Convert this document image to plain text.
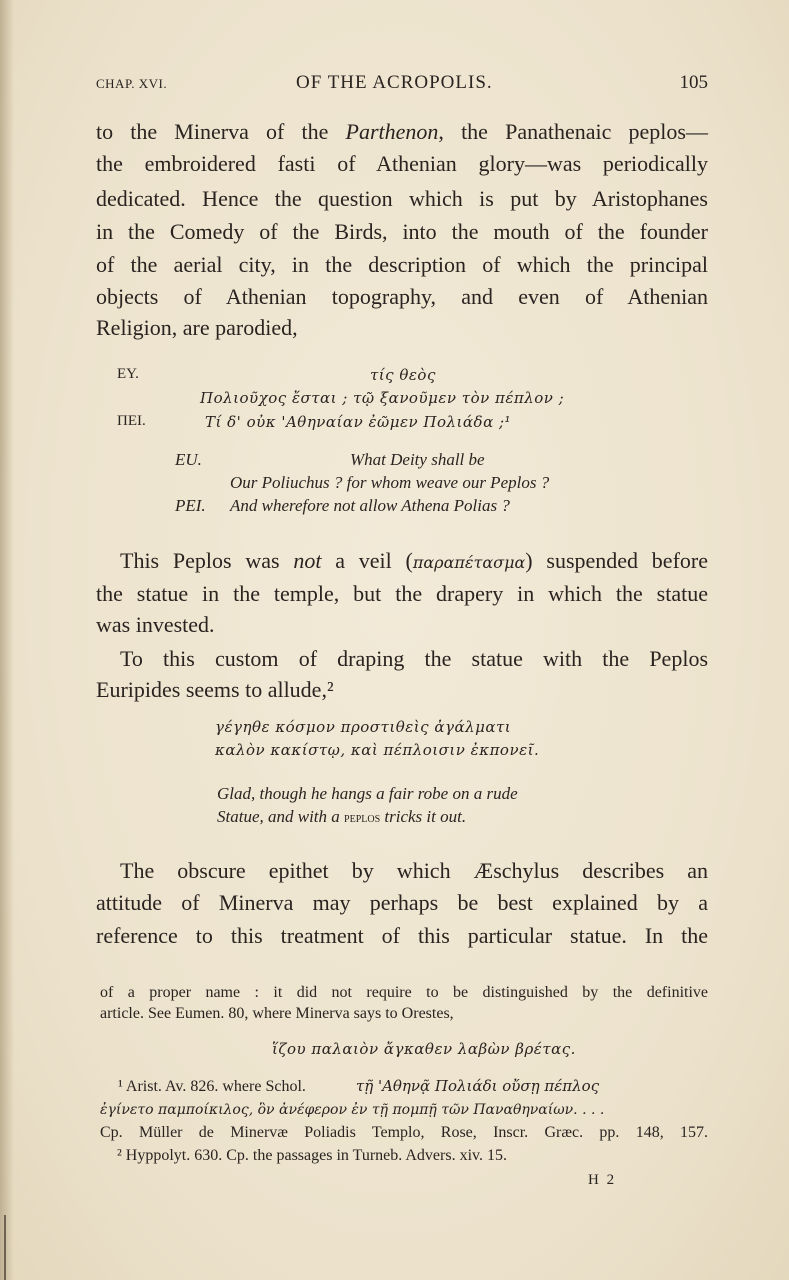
CHAP. XVI.	OF THE ACROPOLIS.	105
to the Minerva of the Parthenon, the Panathenaic peplos—
the embroidered fasti of Athenian glory—was periodically
dedicated. Hence the question which is put by Aristophanes
in the Comedy of the Birds, into the mouth of the founder
of the aerial city, in the description of which the principal
objects of Athenian topography, and even of Athenian
Religion, are parodied,
ΕΥ.	τίς θεὸς
Πολιοῦχος ἔσται ; τῷ ξανοῦμεν τὸν πέπλον ;
ΠΕΙ.	Τί δ' οὐκ 'Αθηναίαν ἐῶμεν Πολιάδα ;¹
EU.	What Deity shall be
Our Poliuchus ? for whom weave our Peplos ?
PEI. And wherefore not allow Athena Polias ?
This Peplos was not a veil (παραπέτασμα) suspended before
the statue in the temple, but the drapery in which the statue
was invested.
To this custom of draping the statue with the Peplos
Euripides seems to allude,²
γέγηθε κόσμον προστιθεὶς ἀγάλματι
καλὸν κακίστῳ, καὶ πέπλοισιν ἐκπονεῖ.
Glad, though he hangs a fair robe on a rude
Statue, and with a peplos tricks it out.
The obscure epithet by which Æschylus describes an
attitude of Minerva may perhaps be best explained by a
reference to this treatment of this particular statue. In the
of a proper name : it did not require to be distinguished by the definitive
article. See Eumen. 80, where Minerva says to Orestes,
ἵζου παλαιὸν ἄγκαθεν λαβὼν βρέτας.
¹ Arist. Av. 826. where Schol.	τῇ 'Αθηνᾷ Πολιάδι οὔσῃ πέπλος
ἐγίνετο παμποίκιλος, ὃν ἀνέφερον ἐν τῇ πομπῇ τῶν Παναθηναίων. . . .
Cp. Müller de Minervæ Poliadis Templo, Rose, Inscr. Græc. pp. 148, 157.
² Hyppolyt. 630. Cp. the passages in Turneb. Advers. xiv. 15.
H 2
